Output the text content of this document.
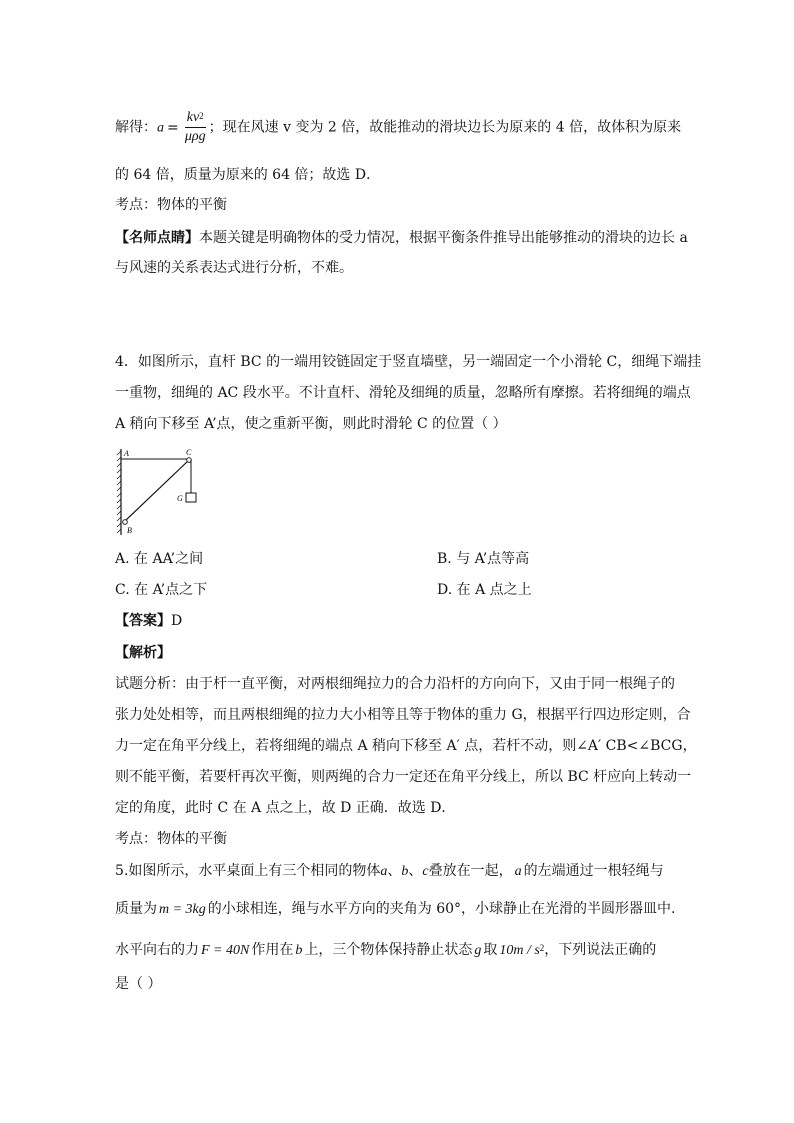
解得：$a = \frac{kv^2}{\text{μρg}}$ ；现在风速 v 变为 2 倍，故能推动的滑块边长为原来的 4 倍，故体积为原来
的 64 倍，质量为原来的 64 倍；故选 D．
考点：物体的平衡
【名师点睛】本题关键是明确物体的受力情况，根据平衡条件推导出能够推动的滑块的边长 a
与风速的关系表达式进行分析，不难。
4．如图所示，直杆 BC 的一端用铰链固定于竖直墙壁，另一端固定一个小滑轮 C，细绳下端挂
一重物，细绳的 AC 段水平。不计直杆、滑轮及细绳的质量，忽略所有摩擦。若将细绳的端点
A 稍向下移至 A’点，使之重新平衡，则此时滑轮 C 的位置（ ）
A	C
G
B
A. 在 AA’之间	B. 与 A’点等高
C. 在 A’点之下	D. 在 A 点之上
【答案】D
【解析】
试题分析：由于杆一直平衡，对两根细绳拉力的合力沿杆的方向向下，又由于同一根绳子的
张力处处相等，而且两根细绳的拉力大小相等且等于物体的重力 G，根据平行四边形定则，合
力一定在角平分线上，若将细绳的端点 A 稍向下移至 A′ 点，若杆不动，则∠A′ CB<∠BCG，
则不能平衡，若要杆再次平衡，则两绳的合力一定还在角平分线上，所以 BC 杆应向上转动一
定的角度，此时 C 在 A 点之上，故 D 正确．故选 D．
考点：物体的平衡
5.如图所示，水平桌面上有三个相同的物体a、b、c叠放在一起， a 的左端通过一根轻绳与
质量为 m = 3kg 的小球相连，绳与水平方向的夹角为 60°，小球静止在光滑的半圆形器皿中.
水平向右的力 F = 40N 作用在 b 上，三个物体保持静止状态 g 取 $10m / s^2$，下列说法正确的
是（ ）
